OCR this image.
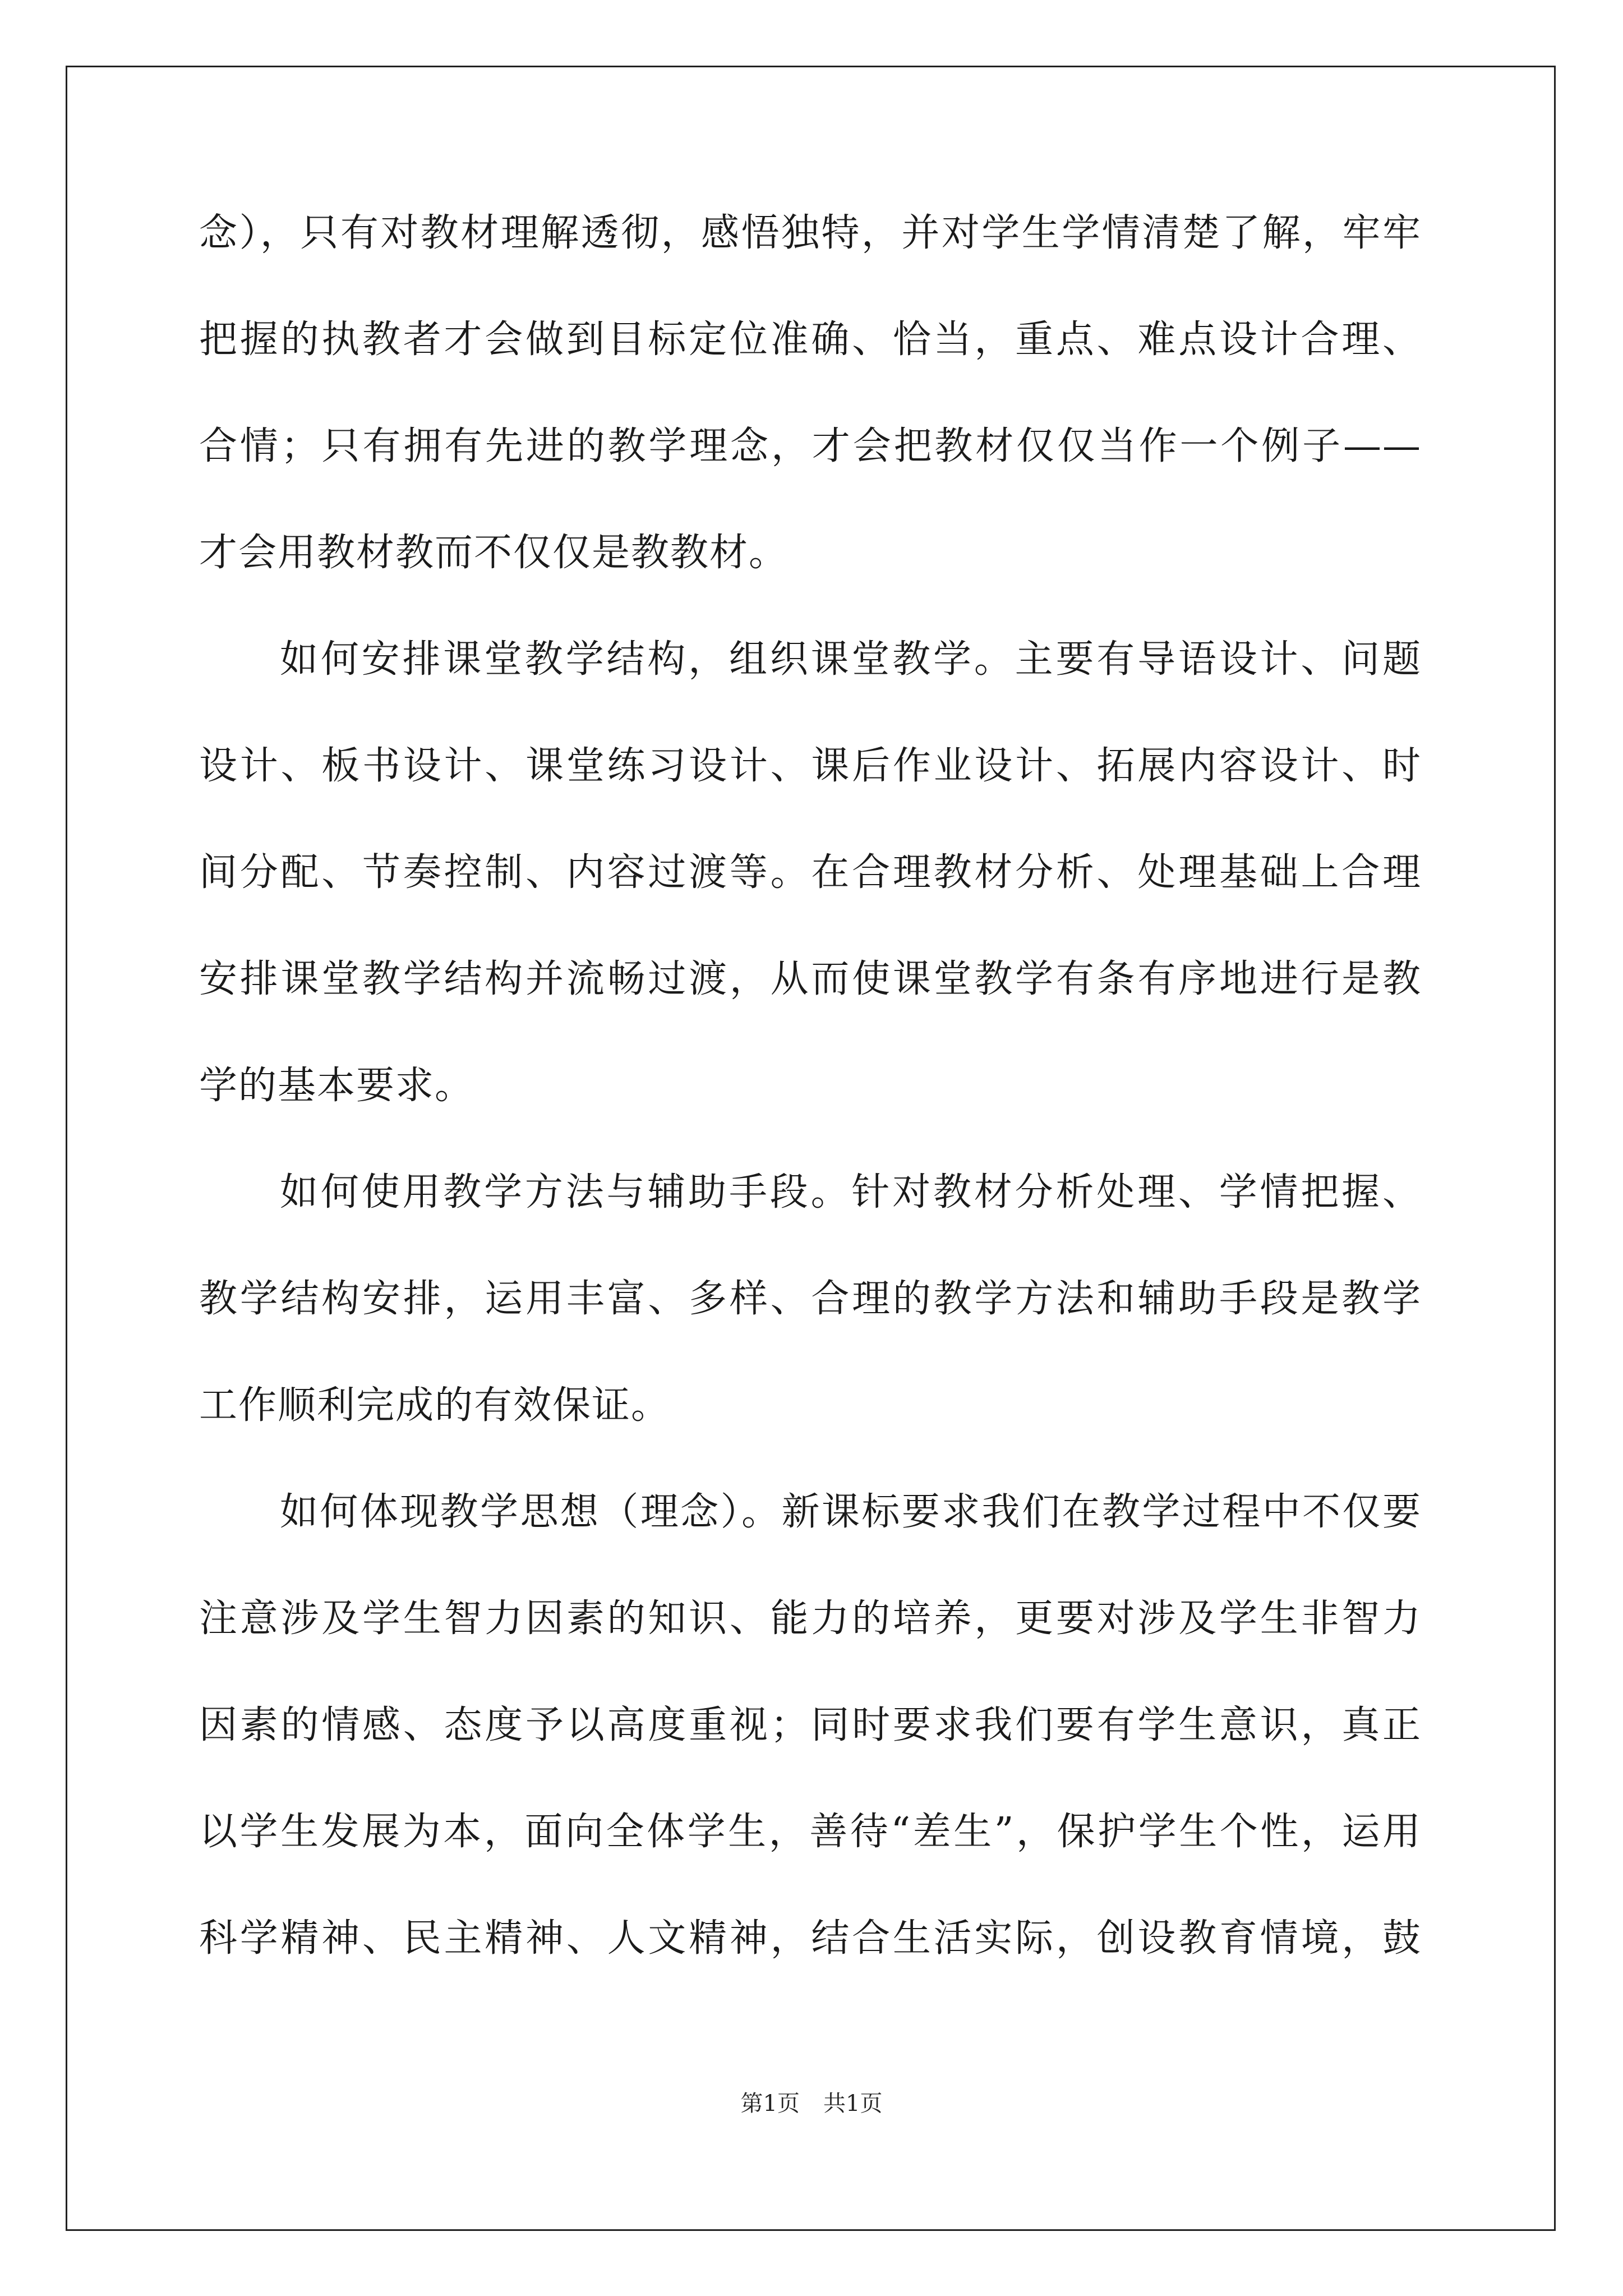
念），只有对教材理解透彻，感悟独特，并对学生学情清楚了解，牢牢
把握的执教者才会做到目标定位准确、恰当，重点、难点设计合理、
合情；只有拥有先进的教学理念，才会把教材仅仅当作一个例子——
才会用教材教而不仅仅是教教材。
如何安排课堂教学结构，组织课堂教学。主要有导语设计、问题
设计、板书设计、课堂练习设计、课后作业设计、拓展内容设计、时
间分配、节奏控制、内容过渡等。在合理教材分析、处理基础上合理
安排课堂教学结构并流畅过渡，从而使课堂教学有条有序地进行是教
学的基本要求。
如何使用教学方法与辅助手段。针对教材分析处理、学情把握、
教学结构安排，运用丰富、多样、合理的教学方法和辅助手段是教学
工作顺利完成的有效保证。
如何体现教学思想（理念）。新课标要求我们在教学过程中不仅要
注意涉及学生智力因素的知识、能力的培养，更要对涉及学生非智力
因素的情感、态度予以高度重视；同时要求我们要有学生意识，真正
以学生发展为本，面向全体学生，善待“差生”，保护学生个性，运用
科学精神、民主精神、人文精神，结合生活实际，创设教育情境，鼓
第1页 共1页
